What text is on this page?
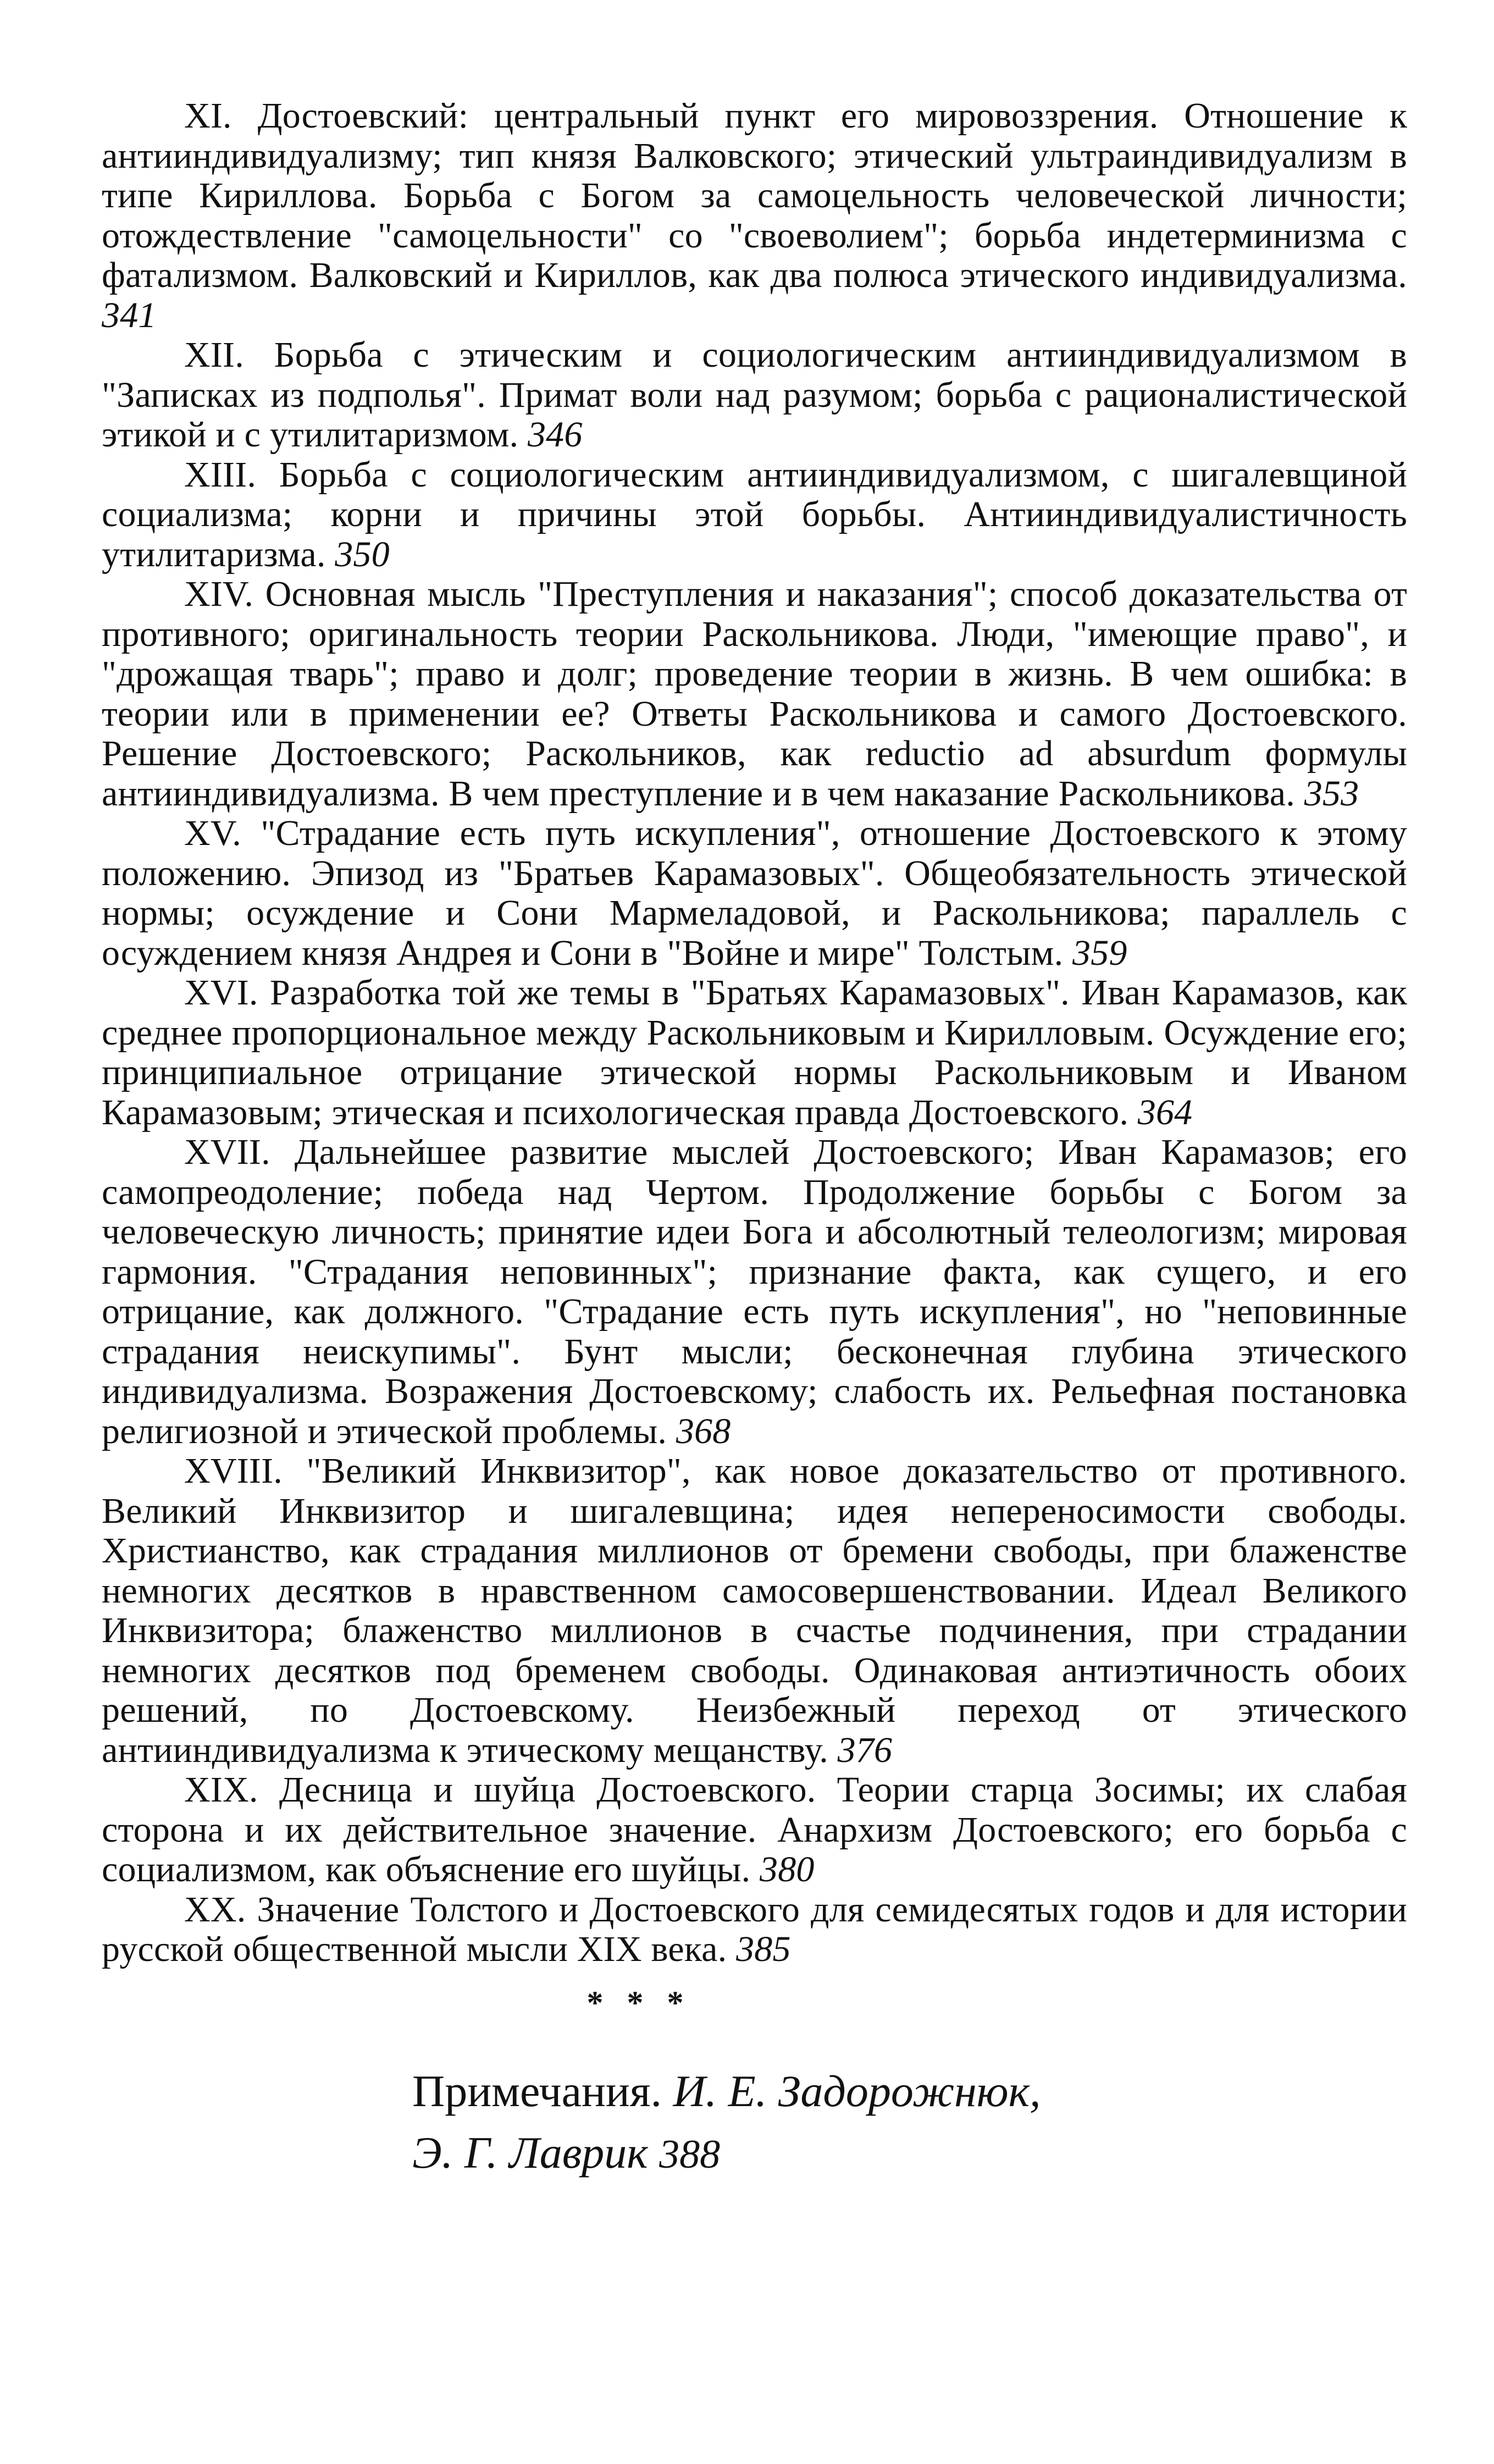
XI. Достоевский: центральный пункт его мировоззрения. Отношение к антииндивидуализму; тип князя Валковского; этический ультраиндивидуализм в типе Кириллова. Борьба с Богом за самоцельность человеческой личности; отождествление "самоцельности" со "своеволием"; борьба индетерминизма с фатализмом. Валковский и Кириллов, как два полюса этического индивидуализма. 341

XII. Борьба с этическим и социологическим антииндивидуализмом в "Записках из подполья". Примат воли над разумом; борьба с рационалистической этикой и с утилитаризмом. 346

XIII. Борьба с социологическим антииндивидуализмом, с шигалевщиной социализма; корни и причины этой борьбы. Антииндивидуалистичность утилитаризма. 350

XIV. Основная мысль "Преступления и наказания"; способ доказательства от противного; оригинальность теории Раскольникова. Люди, "имеющие право", и "дрожащая тварь"; право и долг; проведение теории в жизнь. В чем ошибка: в теории или в применении ее? Ответы Раскольникова и самого Достоевского. Решение Достоевского; Раскольников, как reductio ad absurdum формулы антииндивидуализма. В чем преступление и в чем наказание Раскольникова. 353

XV. "Страдание есть путь искупления", отношение Достоевского к этому положению. Эпизод из "Братьев Карамазовых". Общеобязательность этической нормы; осуждение и Сони Мармеладовой, и Раскольникова; параллель с осуждением князя Андрея и Сони в "Войне и мире" Толстым. 359

XVI. Разработка той же темы в "Братьях Карамазовых". Иван Карамазов, как среднее пропорциональное между Раскольниковым и Кирилловым. Осуждение его; принципиальное отрицание этической нормы Раскольниковым и Иваном Карамазовым; этическая и психологическая правда Достоевского. 364

XVII. Дальнейшее развитие мыслей Достоевского; Иван Карамазов; его самопреодоление; победа над Чертом. Продолжение борьбы с Богом за человеческую личность; принятие идеи Бога и абсолютный телеологизм; мировая гармония. "Страдания неповинных"; признание факта, как сущего, и его отрицание, как должного. "Страдание есть путь искупления", но "неповинные страдания неискупимы". Бунт мысли; бесконечная глубина этического индивидуализма. Возражения Достоевскому; слабость их. Рельефная постановка религиозной и этической проблемы. 368

XVIII. "Великий Инквизитор", как новое доказательство от противного. Великий Инквизитор и шигалевщина; идея неперeносимости свободы. Христианство, как страдания миллионов от бремени свободы, при блаженстве немногих десятков в нравственном самосовершенствовании. Идеал Великого Инквизитора; блаженство миллионов в счастье подчинения, при страдании немногих десятков под бременем свободы. Одинаковая антиэтичность обоих решений, по Достоевскому. Неизбежный переход от этического антииндивидуализма к этическому мещанству. 376

XIX. Десница и шуйца Достоевского. Теории старца Зосимы; их слабая сторона и их действительное значение. Анархизм Достоевского; его борьба с социализмом, как объяснение его шуйцы. 380

XX. Значение Толстого и Достоевского для семидесятых годов и для истории русской общественной мысли XIX века. 385

* * *
Примечания. И. Е. Задорожнюк,
Э. Г. Лаврик 388
